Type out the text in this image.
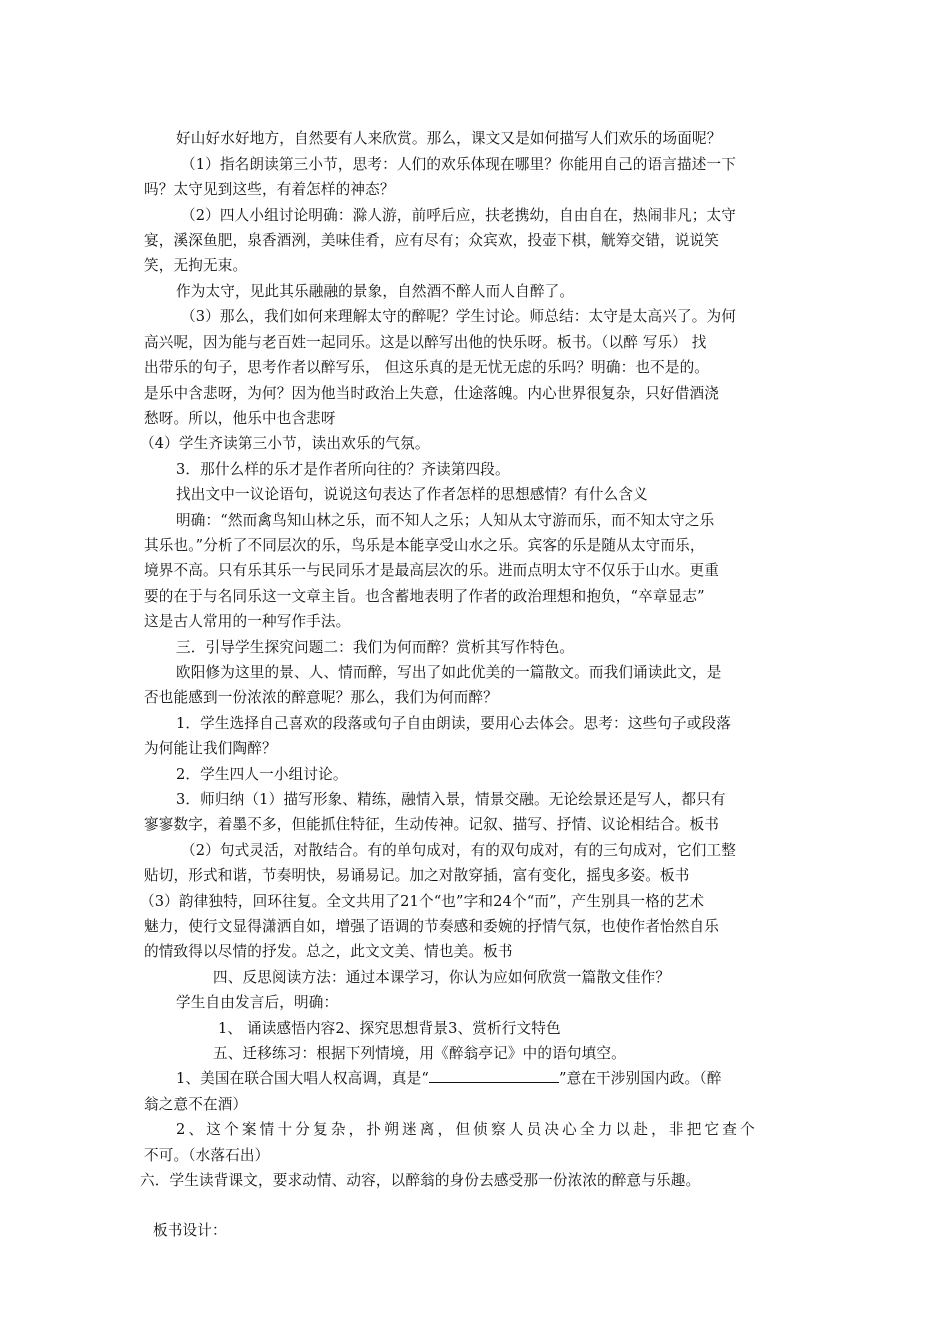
好山好水好地方，自然要有人来欣赏。那么，课文又是如何描写人们欢乐的场面呢？
（1）指名朗读第三小节，思考：人们的欢乐体现在哪里？你能用自己的语言描述一下
吗？太守见到这些，有着怎样的神态？
（2）四人小组讨论明确：滁人游，前呼后应，扶老携幼，自由自在，热闹非凡；太守
宴，溪深鱼肥，泉香酒洌，美味佳肴，应有尽有；众宾欢，投壶下棋，觥筹交错，说说笑
笑，无拘无束。
作为太守，见此其乐融融的景象，自然酒不醉人而人自醉了。
（3）那么，我们如何来理解太守的醉呢？学生讨论。师总结：太守是太高兴了。为何
高兴呢，因为能与老百姓一起同乐。这是以醉写出他的快乐呀。板书。（以醉 写乐） 找
出带乐的句子，思考作者以醉写乐， 但这乐真的是无忧无虑的乐吗？明确：也不是的。
是乐中含悲呀，为何？因为他当时政治上失意，仕途落魄。内心世界很复杂，只好借酒浇
愁呀。所以，他乐中也含悲呀
（4）学生齐读第三小节，读出欢乐的气氛。
3．那什么样的乐才是作者所向往的？齐读第四段。
找出文中一议论语句，说说这句表达了作者怎样的思想感情？有什么含义
明确：“然而禽鸟知山林之乐，而不知人之乐；人知从太守游而乐，而不知太守之乐
其乐也。”分析了不同层次的乐，鸟乐是本能享受山水之乐。宾客的乐是随从太守而乐，
境界不高。只有乐其乐一与民同乐才是最高层次的乐。进而点明太守不仅乐于山水。更重
要的在于与名同乐这一文章主旨。也含蓄地表明了作者的政治理想和抱负，“卒章显志”
这是古人常用的一种写作手法。
三．引导学生探究问题二：我们为何而醉？赏析其写作特色。
欧阳修为这里的景、人、情而醉，写出了如此优美的一篇散文。而我们诵读此文，是
否也能感到一份浓浓的醉意呢？那么，我们为何而醉？
1．学生选择自己喜欢的段落或句子自由朗读，要用心去体会。思考：这些句子或段落
为何能让我们陶醉？
2．学生四人一小组讨论。
3．师归纳（1）描写形象、精练，融情入景，情景交融。无论绘景还是写人，都只有
寥寥数字，着墨不多，但能抓住特征，生动传神。记叙、描写、抒情、议论相结合。板书
（2）句式灵活，对散结合。有的单句成对，有的双句成对，有的三句成对，它们工整
贴切，形式和谐，节奏明快，易诵易记。加之对散穿插，富有变化，摇曳多姿。板书
（3）韵律独特，回环往复。全文共用了21个“也”字和24个“而”，产生别具一格的艺术
魅力，使行文显得潇洒自如，增强了语调的节奏感和委婉的抒情气氛，也使作者怡然自乐
的情致得以尽情的抒发。总之，此文文美、情也美。板书
四、反思阅读方法：通过本课学习，你认为应如何欣赏一篇散文佳作？
学生自由发言后，明确：
1、 诵读感悟内容2、探究思想背景3、赏析行文特色
五、迁移练习：根据下列情境，用《醉翁亭记》中的语句填空。
1、美国在联合国大唱人权高调，真是“	”意在干涉别国内政。（醉
翁之意不在酒）
2、这个案情十分复杂，扑朔迷离，但侦察人员决心全力以赴，非把它查个
不可。（水落石出）
六．学生读背课文，要求动情、动容，以醉翁的身份去感受那一份浓浓的醉意与乐趣。
板书设计：
